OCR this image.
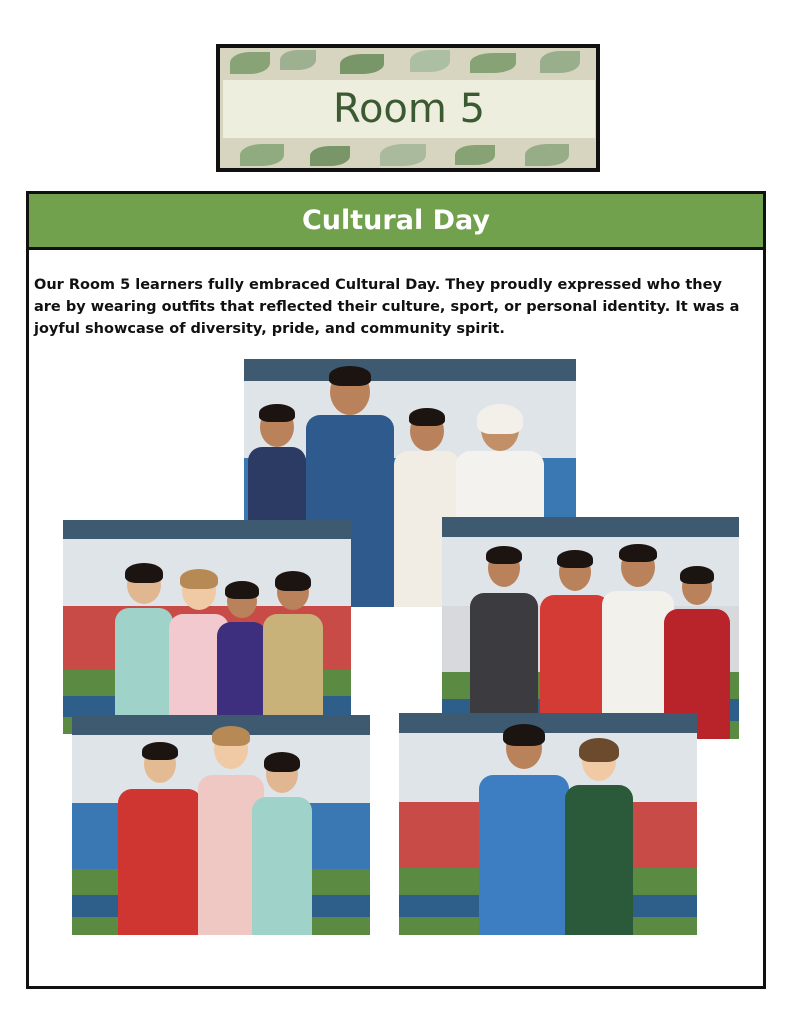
Room 5
Cultural Day
Our Room 5 learners fully embraced Cultural Day. They proudly expressed who they are by wearing outfits that reflected their culture, sport, or personal identity. It was a joyful showcase of diversity, pride, and community spirit.
